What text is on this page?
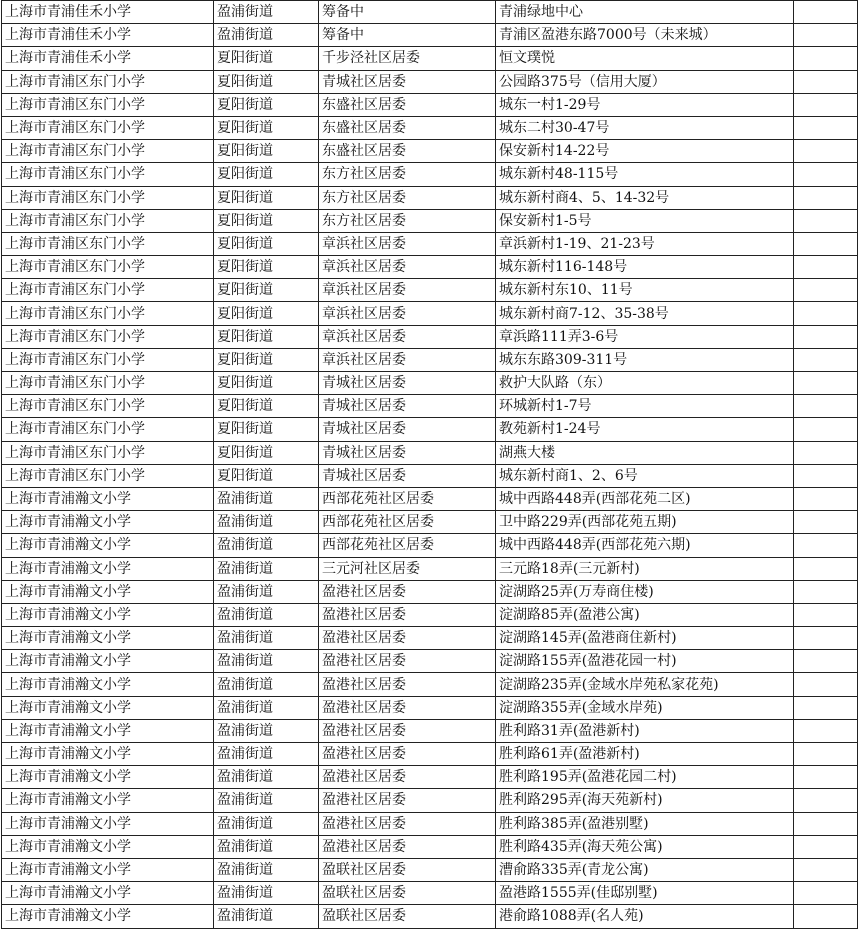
上海市青浦佳禾小学	盈浦街道	筹备中	青浦绿地中心	
上海市青浦佳禾小学	盈浦街道	筹备中	青浦区盈港东路7000号（未来城）	
上海市青浦佳禾小学	夏阳街道	千步泾社区居委	恒文璞悦	
上海市青浦区东门小学	夏阳街道	青城社区居委	公园路375号（信用大厦）	
上海市青浦区东门小学	夏阳街道	东盛社区居委	城东一村1-29号	
上海市青浦区东门小学	夏阳街道	东盛社区居委	城东二村30-47号	
上海市青浦区东门小学	夏阳街道	东盛社区居委	保安新村14-22号	
上海市青浦区东门小学	夏阳街道	东方社区居委	城东新村48-115号	
上海市青浦区东门小学	夏阳街道	东方社区居委	城东新村商4、5、14-32号	
上海市青浦区东门小学	夏阳街道	东方社区居委	保安新村1-5号	
上海市青浦区东门小学	夏阳街道	章浜社区居委	章浜新村1-19、21-23号	
上海市青浦区东门小学	夏阳街道	章浜社区居委	城东新村116-148号	
上海市青浦区东门小学	夏阳街道	章浜社区居委	城东新村东10、11号	
上海市青浦区东门小学	夏阳街道	章浜社区居委	城东新村商7-12、35-38号	
上海市青浦区东门小学	夏阳街道	章浜社区居委	章浜路111弄3-6号	
上海市青浦区东门小学	夏阳街道	章浜社区居委	城东东路309-311号	
上海市青浦区东门小学	夏阳街道	青城社区居委	救护大队路（东）	
上海市青浦区东门小学	夏阳街道	青城社区居委	环城新村1-7号	
上海市青浦区东门小学	夏阳街道	青城社区居委	教苑新村1-24号	
上海市青浦区东门小学	夏阳街道	青城社区居委	湖燕大楼	
上海市青浦区东门小学	夏阳街道	青城社区居委	城东新村商1、2、6号	
上海市青浦瀚文小学	盈浦街道	西部花苑社区居委	城中西路448弄(西部花苑二区)	
上海市青浦瀚文小学	盈浦街道	西部花苑社区居委	卫中路229弄(西部花苑五期)	
上海市青浦瀚文小学	盈浦街道	西部花苑社区居委	城中西路448弄(西部花苑六期)	
上海市青浦瀚文小学	盈浦街道	三元河社区居委	三元路18弄(三元新村)	
上海市青浦瀚文小学	盈浦街道	盈港社区居委	淀湖路25弄(万寿商住楼)	
上海市青浦瀚文小学	盈浦街道	盈港社区居委	淀湖路85弄(盈港公寓)	
上海市青浦瀚文小学	盈浦街道	盈港社区居委	淀湖路145弄(盈港商住新村)	
上海市青浦瀚文小学	盈浦街道	盈港社区居委	淀湖路155弄(盈港花园一村)	
上海市青浦瀚文小学	盈浦街道	盈港社区居委	淀湖路235弄(金域水岸苑私家花苑)	
上海市青浦瀚文小学	盈浦街道	盈港社区居委	淀湖路355弄(金域水岸苑)	
上海市青浦瀚文小学	盈浦街道	盈港社区居委	胜利路31弄(盈港新村)	
上海市青浦瀚文小学	盈浦街道	盈港社区居委	胜利路61弄(盈港新村)	
上海市青浦瀚文小学	盈浦街道	盈港社区居委	胜利路195弄(盈港花园二村)	
上海市青浦瀚文小学	盈浦街道	盈港社区居委	胜利路295弄(海天苑新村)	
上海市青浦瀚文小学	盈浦街道	盈港社区居委	胜利路385弄(盈港别墅)	
上海市青浦瀚文小学	盈浦街道	盈港社区居委	胜利路435弄(海天苑公寓)	
上海市青浦瀚文小学	盈浦街道	盈联社区居委	漕俞路335弄(青龙公寓)	
上海市青浦瀚文小学	盈浦街道	盈联社区居委	盈港路1555弄(佳邸别墅)	
上海市青浦瀚文小学	盈浦街道	盈联社区居委	港俞路1088弄(名人苑)	
